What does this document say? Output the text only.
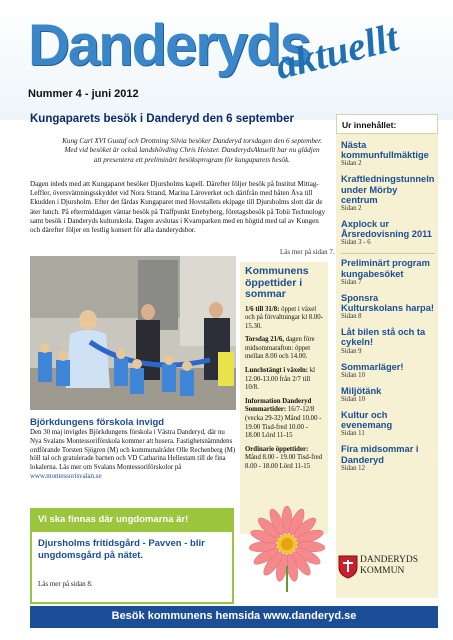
Danderyds
aktuellt
Nummer 4 - juni 2012
Kungaparets besök i Danderyd den 6 september
Kung Carl XVI Gustaf och Drottning Silvia besöker Danderyd torsdagen den 6 september. Med vid besöket är också landshövding Chris Heister. DanderydsAktuellt har nu glädjen att presentera ett preliminärt besöksprogram för kungaparets besök.

Dagen inleds med att Kungaparet besöker Djursholms kapell. Därefter följer besök på Institut Mittag-Leffler, översvämningsskyddet vid Nora Strand, Marina Läroverket och därifrån med båten Äva till Ekudden i Djursholm. Efter det färdas Kungaparet med Hovstallets ekipage till Djursholms slott där de äter lunch. På eftermiddagen väntar besök på Träffpunkt Enebyberg, företagsbesök på Tobii Technology samt besök i Danderyds kulturskola. Dagen avslutas i Kvarnparken med en högtid med tal av Kungen och därefter följer en festlig konsert för alla danderydsbor.

Läs mer på sidan 7.
Kommunens öppettider i sommar

1/6 till 31/8: öppet i växel och på förvaltningar kl 8.00-15.30.

Torsdag 21/6, dagen före midsommarafton: öppet mellan 8.00 och 14.00.

Lunchstängt i växeln: kl 12.00-13.00 från 2/7 till 10/8.

Information Danderyd Sommartider: 16/7-12/8 (vecka 29-32) Månd 10.00 - 19.00 Tisd-fred 10.00 - 18.00 Lörd 11-15

Ordinarie öppettider: Månd 8.00 - 19.00 Tisd-fred 8.00 - 18.00 Lörd 11-15

Björkdungens förskola invigd

Den 30 maj invigdes Björkdungens förskola i Västra Danderyd, där nu Nya Svalans Montessoriförskola kommer att husera. Fastighetsnämndens ordförande Torsten Sjögren (M) och kommunalrådet Olle Rechenberg (M) höll tal och gratulerade barnen och VD Catharina Hellestam till de fina lokalerna. Läs mer om Svalans Montessoriförskolor på

www.montessorisvalan.se

Vi ska finnas där ungdomarna är!
Djursholms fritidsgård - Pavven - blir ungdomsgård på nätet.
Läs mer på sidan 8.
Ur innehållet:
Nästa kommunfullmäktige
Sidan 2
Kraftledningstunneln under Mörby centrum
Sidan 2
Axplock ur Årsredovisning 2011
Sidan 3 - 6
Preliminärt program kungabesöket
Sidan 7
Sponsra Kulturskolans harpa!
Sidan 8
Låt bilen stå och ta cykeln!
Sidan 9
Sommarläger!
Sidan 10
Miljötänk
Sidan 10
Kultur och evenemang
Sidan 11
Fira midsommar i Danderyd
Sidan 12
DANDERYDS
KOMMUN
Besök kommunens hemsida www.danderyd.se
